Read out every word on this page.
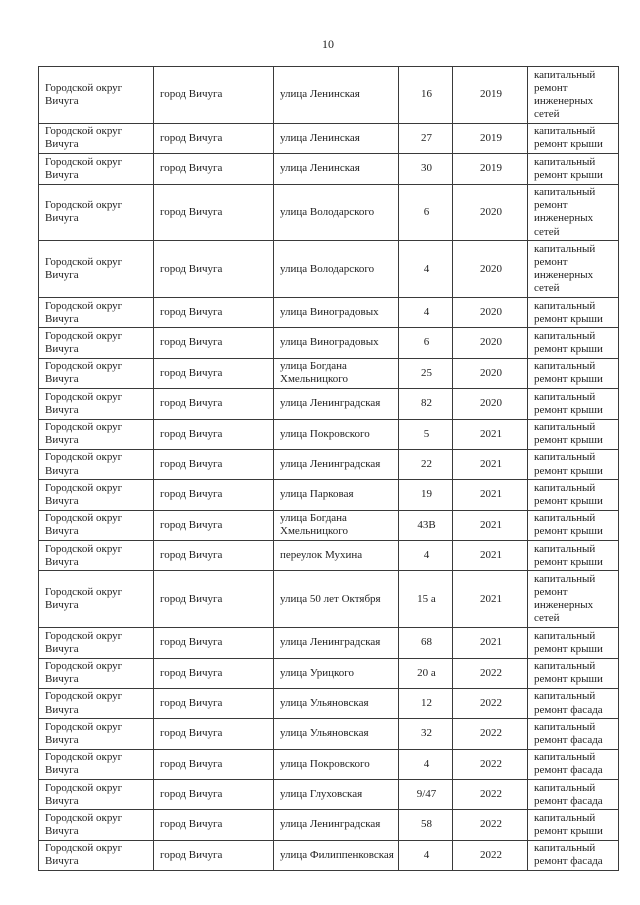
10
Городской округ Вичуга	город Вичуга	улица Ленинская	16	2019	капитальный ремонт инженерных сетей
Городской округ Вичуга	город Вичуга	улица Ленинская	27	2019	капитальный ремонт крыши
Городской округ Вичуга	город Вичуга	улица Ленинская	30	2019	капитальный ремонт крыши
Городской округ Вичуга	город Вичуга	улица Володарского	6	2020	капитальный ремонт инженерных сетей
Городской округ Вичуга	город Вичуга	улица Володарского	4	2020	капитальный ремонт инженерных сетей
Городской округ Вичуга	город Вичуга	улица Виноградовых	4	2020	капитальный ремонт крыши
Городской округ Вичуга	город Вичуга	улица Виноградовых	6	2020	капитальный ремонт крыши
Городской округ Вичуга	город Вичуга	улица Богдана Хмельницкого	25	2020	капитальный ремонт крыши
Городской округ Вичуга	город Вичуга	улица Ленинградская	82	2020	капитальный ремонт крыши
Городской округ Вичуга	город Вичуга	улица Покровского	5	2021	капитальный ремонт крыши
Городской округ Вичуга	город Вичуга	улица Ленинградская	22	2021	капитальный ремонт крыши
Городской округ Вичуга	город Вичуга	улица Парковая	19	2021	капитальный ремонт крыши
Городской округ Вичуга	город Вичуга	улица Богдана Хмельницкого	43В	2021	капитальный ремонт крыши
Городской округ Вичуга	город Вичуга	переулок Мухина	4	2021	капитальный ремонт крыши
Городской округ Вичуга	город Вичуга	улица 50 лет Октября	15 а	2021	капитальный ремонт инженерных сетей
Городской округ Вичуга	город Вичуга	улица Ленинградская	68	2021	капитальный ремонт крыши
Городской округ Вичуга	город Вичуга	улица Урицкого	20 а	2022	капитальный ремонт крыши
Городской округ Вичуга	город Вичуга	улица Ульяновская	12	2022	капитальный ремонт фасада
Городской округ Вичуга	город Вичуга	улица Ульяновская	32	2022	капитальный ремонт фасада
Городской округ Вичуга	город Вичуга	улица Покровского	4	2022	капитальный ремонт фасада
Городской округ Вичуга	город Вичуга	улица Глуховская	9/47	2022	капитальный ремонт фасада
Городской округ Вичуга	город Вичуга	улица Ленинградская	58	2022	капитальный ремонт крыши
Городской округ Вичуга	город Вичуга	улица Филиппенковская	4	2022	капитальный ремонт фасада
